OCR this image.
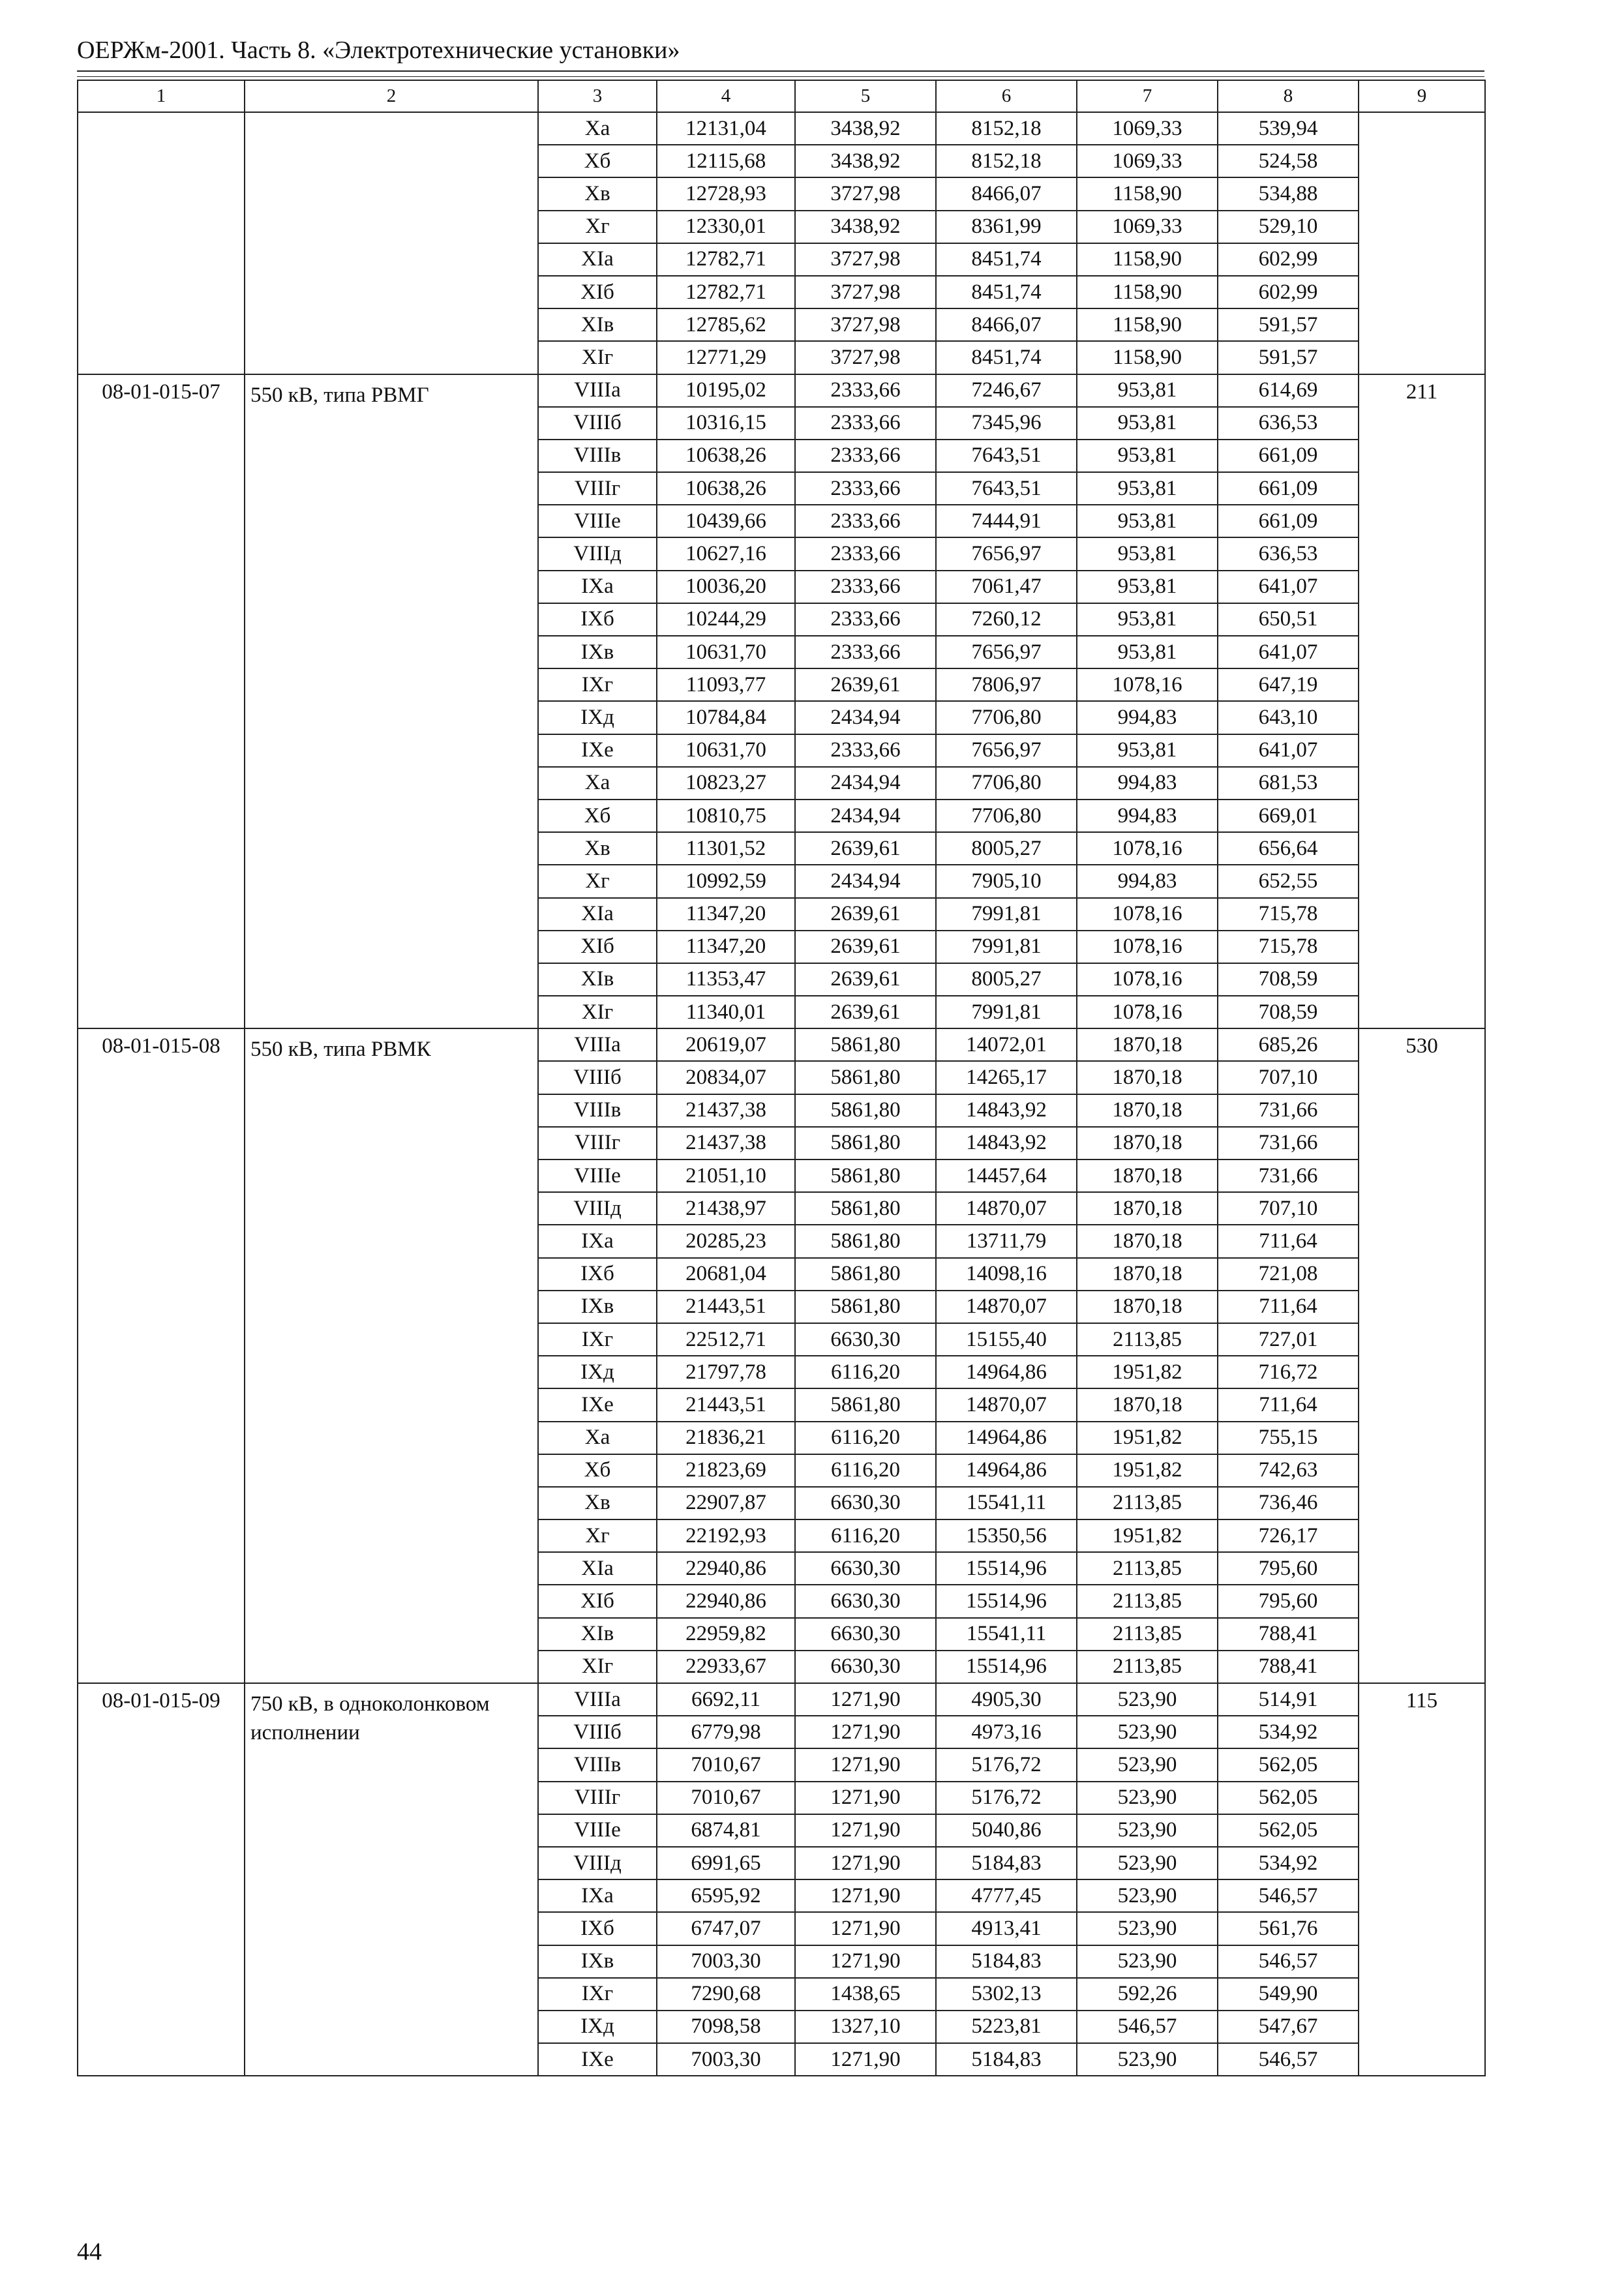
ОЕРЖм-2001. Часть 8. «Электротехнические установки»
1	2	3	4	5	6	7	8	9
		Xа	12131,04	3438,92	8152,18	1069,33	539,94	
		Xб	12115,68	3438,92	8152,18	1069,33	524,58	
		Xв	12728,93	3727,98	8466,07	1158,90	534,88	
		Xг	12330,01	3438,92	8361,99	1069,33	529,10	
		XIа	12782,71	3727,98	8451,74	1158,90	602,99	
		XIб	12782,71	3727,98	8451,74	1158,90	602,99	
		XIв	12785,62	3727,98	8466,07	1158,90	591,57	
		XIг	12771,29	3727,98	8451,74	1158,90	591,57	
08-01-015-07	550 кВ, типа РВМГ	VIIIа	10195,02	2333,66	7246,67	953,81	614,69	211
		VIIIб	10316,15	2333,66	7345,96	953,81	636,53	
		VIIIв	10638,26	2333,66	7643,51	953,81	661,09	
		VIIIг	10638,26	2333,66	7643,51	953,81	661,09	
		VIIIе	10439,66	2333,66	7444,91	953,81	661,09	
		VIIIд	10627,16	2333,66	7656,97	953,81	636,53	
		IXа	10036,20	2333,66	7061,47	953,81	641,07	
		IXб	10244,29	2333,66	7260,12	953,81	650,51	
		IXв	10631,70	2333,66	7656,97	953,81	641,07	
		IXг	11093,77	2639,61	7806,97	1078,16	647,19	
		IXд	10784,84	2434,94	7706,80	994,83	643,10	
		IXе	10631,70	2333,66	7656,97	953,81	641,07	
		Xа	10823,27	2434,94	7706,80	994,83	681,53	
		Xб	10810,75	2434,94	7706,80	994,83	669,01	
		Xв	11301,52	2639,61	8005,27	1078,16	656,64	
		Xг	10992,59	2434,94	7905,10	994,83	652,55	
		XIа	11347,20	2639,61	7991,81	1078,16	715,78	
		XIб	11347,20	2639,61	7991,81	1078,16	715,78	
		XIв	11353,47	2639,61	8005,27	1078,16	708,59	
		XIг	11340,01	2639,61	7991,81	1078,16	708,59	
08-01-015-08	550 кВ, типа РВМК	VIIIа	20619,07	5861,80	14072,01	1870,18	685,26	530
		VIIIб	20834,07	5861,80	14265,17	1870,18	707,10	
		VIIIв	21437,38	5861,80	14843,92	1870,18	731,66	
		VIIIг	21437,38	5861,80	14843,92	1870,18	731,66	
		VIIIе	21051,10	5861,80	14457,64	1870,18	731,66	
		VIIIд	21438,97	5861,80	14870,07	1870,18	707,10	
		IXа	20285,23	5861,80	13711,79	1870,18	711,64	
		IXб	20681,04	5861,80	14098,16	1870,18	721,08	
		IXв	21443,51	5861,80	14870,07	1870,18	711,64	
		IXг	22512,71	6630,30	15155,40	2113,85	727,01	
		IXд	21797,78	6116,20	14964,86	1951,82	716,72	
		IXе	21443,51	5861,80	14870,07	1870,18	711,64	
		Xа	21836,21	6116,20	14964,86	1951,82	755,15	
		Xб	21823,69	6116,20	14964,86	1951,82	742,63	
		Xв	22907,87	6630,30	15541,11	2113,85	736,46	
		Xг	22192,93	6116,20	15350,56	1951,82	726,17	
		XIа	22940,86	6630,30	15514,96	2113,85	795,60	
		XIб	22940,86	6630,30	15514,96	2113,85	795,60	
		XIв	22959,82	6630,30	15541,11	2113,85	788,41	
		XIг	22933,67	6630,30	15514,96	2113,85	788,41	
08-01-015-09	750 кВ, в одноколонковом исполнении	VIIIа	6692,11	1271,90	4905,30	523,90	514,91	115
		VIIIб	6779,98	1271,90	4973,16	523,90	534,92	
		VIIIв	7010,67	1271,90	5176,72	523,90	562,05	
		VIIIг	7010,67	1271,90	5176,72	523,90	562,05	
		VIIIе	6874,81	1271,90	5040,86	523,90	562,05	
		VIIIд	6991,65	1271,90	5184,83	523,90	534,92	
		IXа	6595,92	1271,90	4777,45	523,90	546,57	
		IXб	6747,07	1271,90	4913,41	523,90	561,76	
		IXв	7003,30	1271,90	5184,83	523,90	546,57	
		IXг	7290,68	1438,65	5302,13	592,26	549,90	
		IXд	7098,58	1327,10	5223,81	546,57	547,67	
		IXе	7003,30	1271,90	5184,83	523,90	546,57	
44
